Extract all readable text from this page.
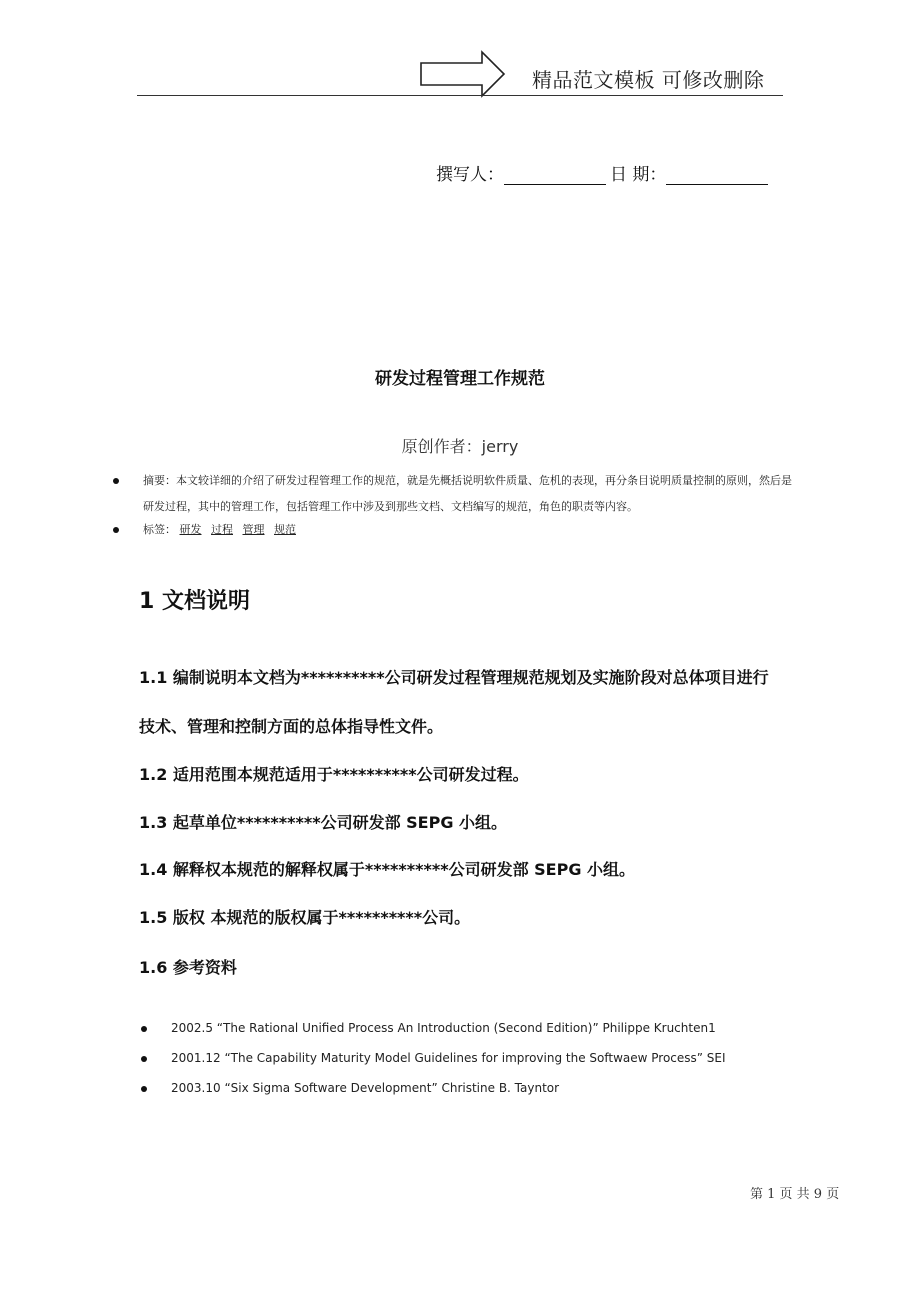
精品范文模板 可修改删除
撰写人：	日 期：
研发过程管理工作规范
原创作者：jerry
摘要：本文较详细的介绍了研发过程管理工作的规范，就是先概括说明软件质量、危机的表现，再分条目说明质量控制的原则，然后是研发过程，其中的管理工作，包括管理工作中涉及到那些文档、文档编写的规范，角色的职责等内容。
标签： 研发 过程 管理 规范
1 文档说明
1.1 编制说明本文档为**********公司研发过程管理规范规划及实施阶段对总体项目进行
技术、管理和控制方面的总体指导性文件。
1.2 适用范围本规范适用于**********公司研发过程。
1.3 起草单位**********公司研发部 SEPG 小组。
1.4 解释权本规范的解释权属于**********公司研发部 SEPG 小组。
1.5 版权 本规范的版权属于**********公司。
1.6 参考资料
2002.5 “The Rational Unified Process An Introduction (Second Edition)” Philippe Kruchten1
2001.12 “The Capability Maturity Model Guidelines for improving the Softwaew Process” SEI
2003.10 “Six Sigma Software Development” Christine B. Tayntor
第 1 页 共 9 页
